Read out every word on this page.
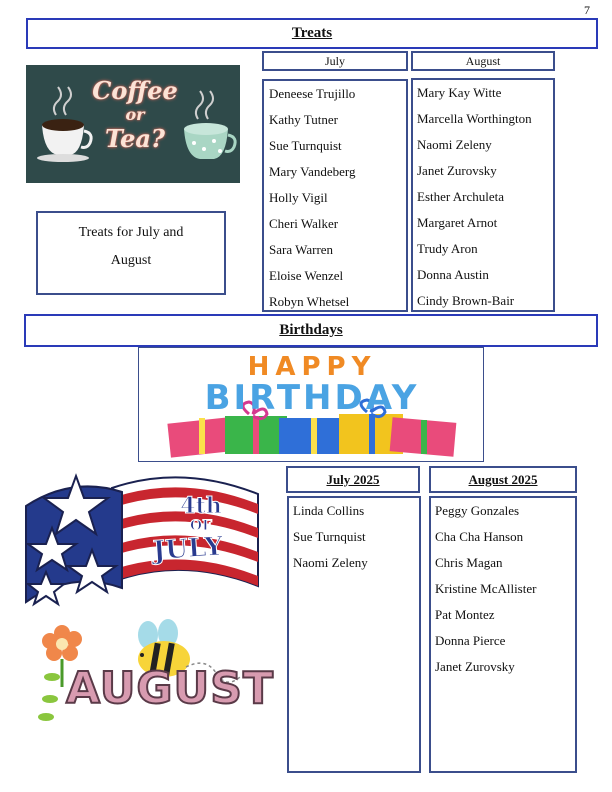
7
Treats
Coffee
or
Tea?
Treats for July and August
July	August
Deneese Trujillo
Kathy Tutner
Sue Turnquist
Mary Vandeberg
Holly Vigil
Cheri Walker
Sara Warren
Eloise Wenzel
Robyn Whetsel
Mary Kay Witte
Marcella Worthington
Naomi Zeleny
Janet Zurovsky
Esther Archuleta
Margaret Arnot
Trudy Aron
Donna Austin
Cindy Brown-Bair
Birthdays
HAPPY
BIRTHDAY
4th
OF
JULY
AUGUST
July 2025	August 2025
Linda Collins
Sue Turnquist
Naomi Zeleny
Peggy Gonzales
Cha Cha Hanson
Chris Magan
Kristine McAllister
Pat Montez
Donna Pierce
Janet Zurovsky
